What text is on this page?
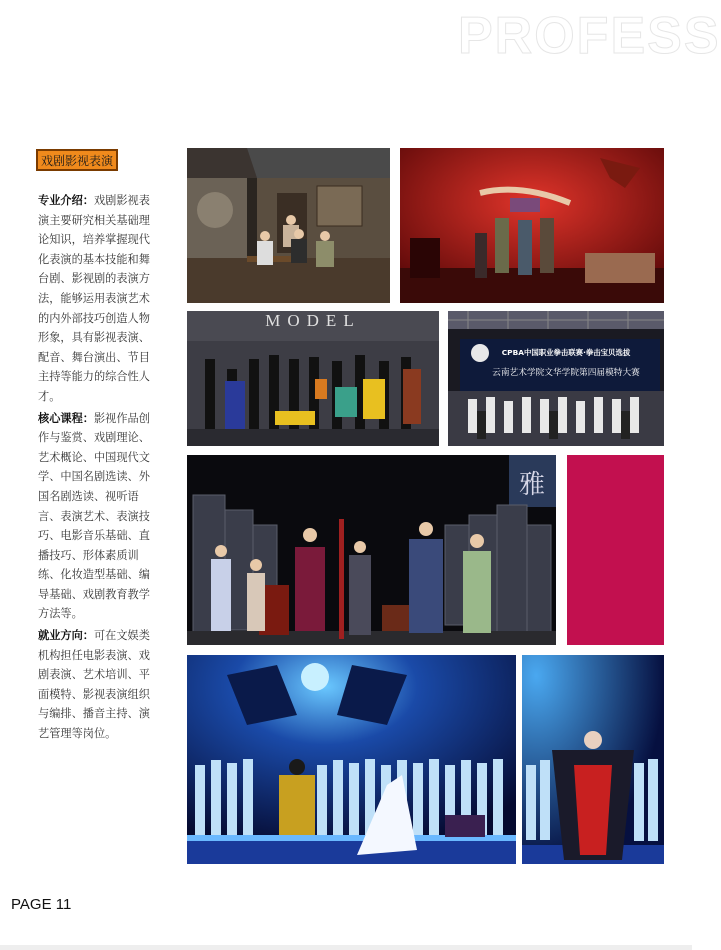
PROFESS
戏剧影视表演

专业介绍：戏剧影视表演主要研究相关基础理论知识，培养掌握现代化表演的基本技能和舞台剧、影视剧的表演方法，能够运用表演艺术的内外部技巧创造人物形象，具有影视表演、配音、舞台演出、节目主持等能力的综合性人才。

核心课程：影视作品创作与鉴赏、戏剧理论、艺术概论、中国现代文学、中国名剧选读、外国名剧选读、视听语言、表演艺术、表演技巧、电影音乐基础、直播技巧、形体素质训练、化妆造型基础、编导基础、戏剧教育教学方法等。

就业方向：可在文娱类机构担任电影表演、戏剧表演、艺术培训、平面模特、影视表演组织与编排、播音主持、演艺管理等岗位。

MODEL
CPBA中国职业拳击联赛·拳击宝贝选拔
云南艺术学院文华学院第四届模特大赛
雅
PAGE 11
